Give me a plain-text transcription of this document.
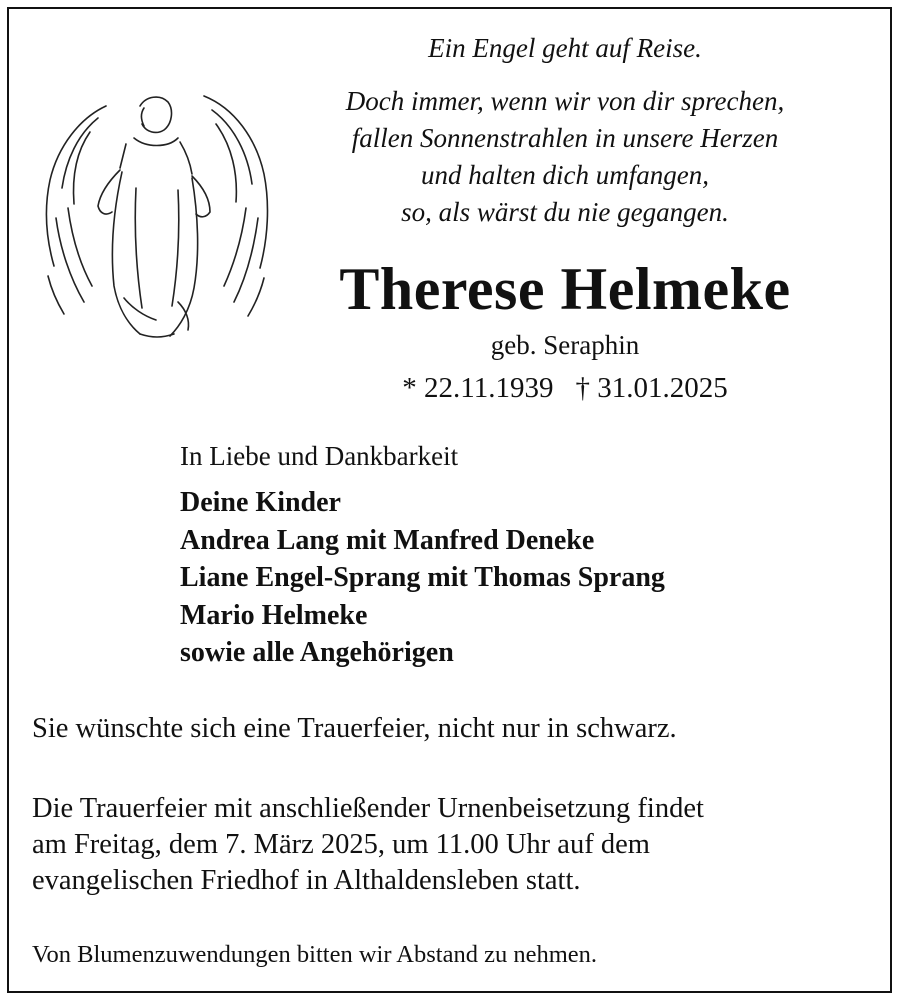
Ein Engel geht auf Reise.
Doch immer, wenn wir von dir sprechen,
fallen Sonnenstrahlen in unsere Herzen
und halten dich umfangen,
so, als wärst du nie gegangen.
Therese Helmeke
geb. Seraphin
* 22.11.1939 † 31.01.2025
In Liebe und Dankbarkeit
Deine Kinder
Andrea Lang mit Manfred Deneke
Liane Engel-Sprang mit Thomas Sprang
Mario Helmeke
sowie alle Angehörigen
Sie wünschte sich eine Trauerfeier, nicht nur in schwarz.
Die Trauerfeier mit anschließender Urnenbeisetzung findet
am Freitag, dem 7. März 2025, um 11.00 Uhr auf dem
evangelischen Friedhof in Althaldensleben statt.
Von Blumenzuwendungen bitten wir Abstand zu nehmen.
